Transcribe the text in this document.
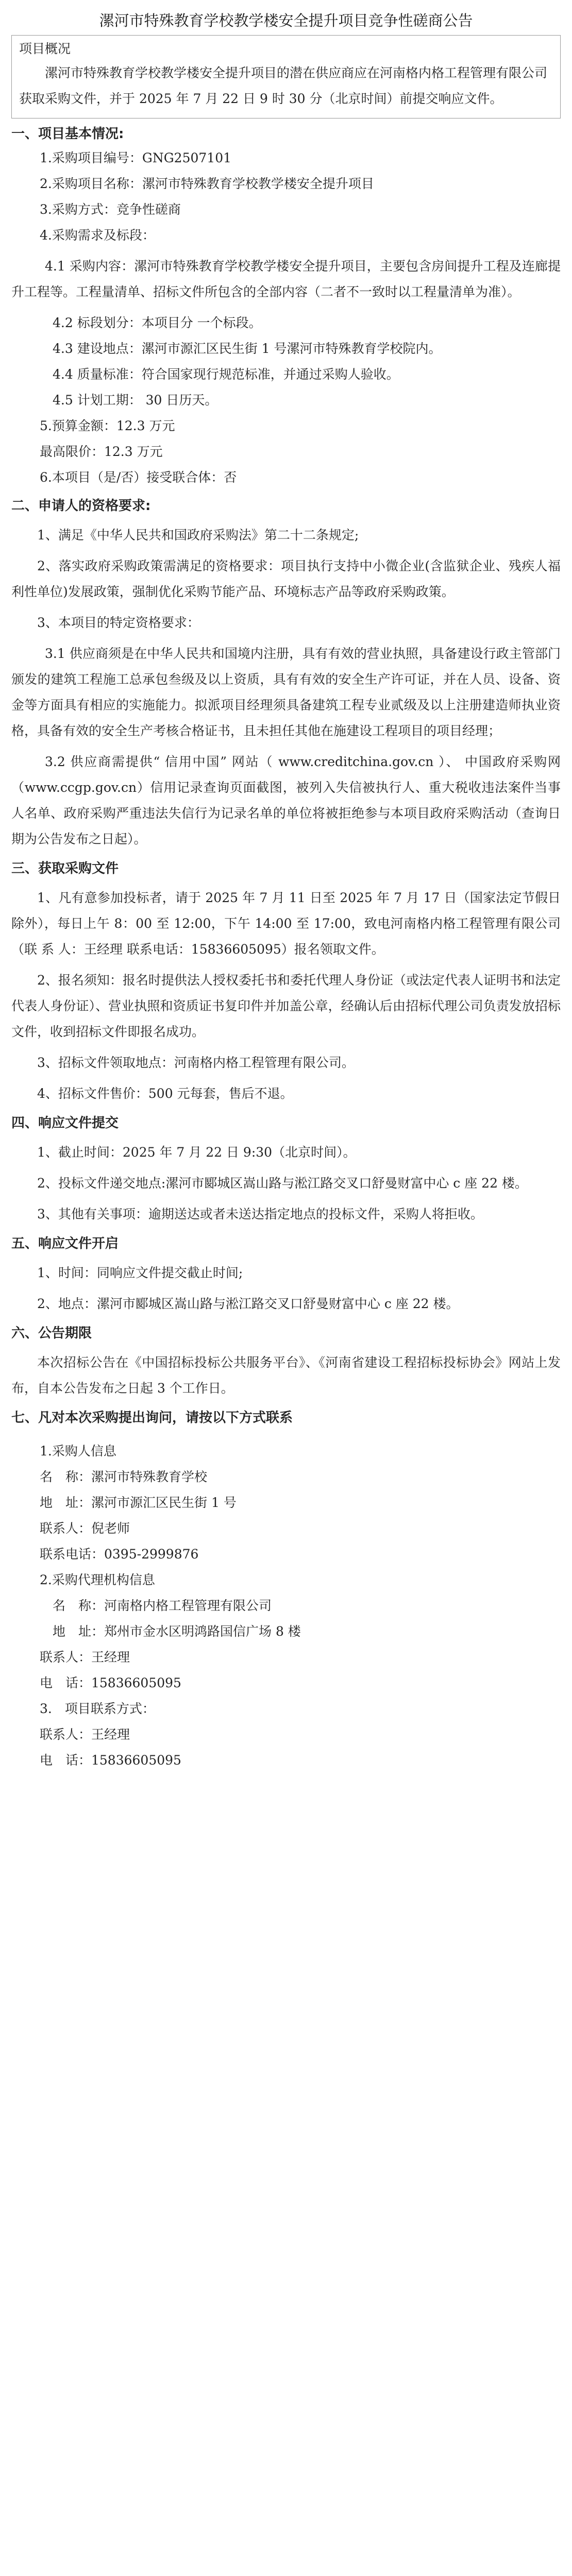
漯河市特殊教育学校教学楼安全提升项目竞争性磋商公告
项目概况

漯河市特殊教育学校教学楼安全提升项目的潜在供应商应在河南格内格工程管理有限公司获取采购文件，并于 2025 年 7 月 22 日 9 时 30 分（北京时间）前提交响应文件。

一、项目基本情况:

1.采购项目编号：GNG2507101

2.采购项目名称：漯河市特殊教育学校教学楼安全提升项目

3.采购方式：竞争性磋商

4.采购需求及标段：

4.1 采购内容：漯河市特殊教育学校教学楼安全提升项目，主要包含房间提升工程及连廊提升工程等。工程量清单、招标文件所包含的全部内容（二者不一致时以工程量清单为准）。

4.2 标段划分：本项目分 一个标段。

4.3 建设地点：漯河市源汇区民生街 1 号漯河市特殊教育学校院内。

4.4 质量标准：符合国家现行规范标准，并通过采购人验收。

4.5 计划工期： 30 日历天。

5.预算金额：12.3 万元

最高限价：12.3 万元

6.本项目（是/否）接受联合体：否

二、申请人的资格要求:

1、满足《中华人民共和国政府采购法》第二十二条规定;

2、落实政府采购政策需满足的资格要求：项目执行支持中小微企业(含监狱企业、残疾人福利性单位)发展政策，强制优化采购节能产品、环境标志产品等政府采购政策。

3、本项目的特定资格要求：

3.1 供应商须是在中华人民共和国境内注册，具有有效的营业执照，具备建设行政主管部门颁发的建筑工程施工总承包叁级及以上资质，具有有效的安全生产许可证，并在人员、设备、资金等方面具有相应的实施能力。拟派项目经理须具备建筑工程专业贰级及以上注册建造师执业资格，具备有效的安全生产考核合格证书，且未担任其他在施建设工程项目的项目经理；

3.2 供应商需提供“ 信用中国” 网站（ www.creditchina.gov.cn ）、 中国政府采购网（www.ccgp.gov.cn）信用记录查询页面截图，被列入失信被执行人、重大税收违法案件当事人名单、政府采购严重违法失信行为记录名单的单位将被拒绝参与本项目政府采购活动（查询日期为公告发布之日起）。

三、获取采购文件

1、凡有意参加投标者，请于 2025 年 7 月 11 日至 2025 年 7 月 17 日（国家法定节假日除外），每日上午 8：00 至 12:00，下午 14:00 至 17:00，致电河南格内格工程管理有限公司（联 系 人：王经理 联系电话：15836605095）报名领取文件。

2、报名须知：报名时提供法人授权委托书和委托代理人身份证（或法定代表人证明书和法定代表人身份证）、营业执照和资质证书复印件并加盖公章，经确认后由招标代理公司负责发放招标文件，收到招标文件即报名成功。

3、招标文件领取地点：河南格内格工程管理有限公司。

4、招标文件售价：500 元每套，售后不退。

四、响应文件提交

1、截止时间：2025 年 7 月 22 日 9:30（北京时间）。

2、投标文件递交地点:漯河市郾城区嵩山路与淞江路交叉口舒曼财富中心 c 座 22 楼。

3、其他有关事项：逾期送达或者未送达指定地点的投标文件，采购人将拒收。

五、响应文件开启

1、时间：同响应文件提交截止时间;

2、地点：漯河市郾城区嵩山路与淞江路交叉口舒曼财富中心 c 座 22 楼。

六、公告期限

本次招标公告在《中国招标投标公共服务平台》、《河南省建设工程招标投标协会》网站上发布，自本公告发布之日起 3 个工作日。

七、凡对本次采购提出询问，请按以下方式联系

1.采购人信息

名　称：漯河市特殊教育学校

地　址：漯河市源汇区民生街 1 号

联系人：倪老师

联系电话：0395-2999876

2.采购代理机构信息

名　称：河南格内格工程管理有限公司

地　址：郑州市金水区明鸿路国信广场 8 楼

联系人：王经理

电　话：15836605095

3.　项目联系方式：

联系人：王经理

电　话：15836605095
